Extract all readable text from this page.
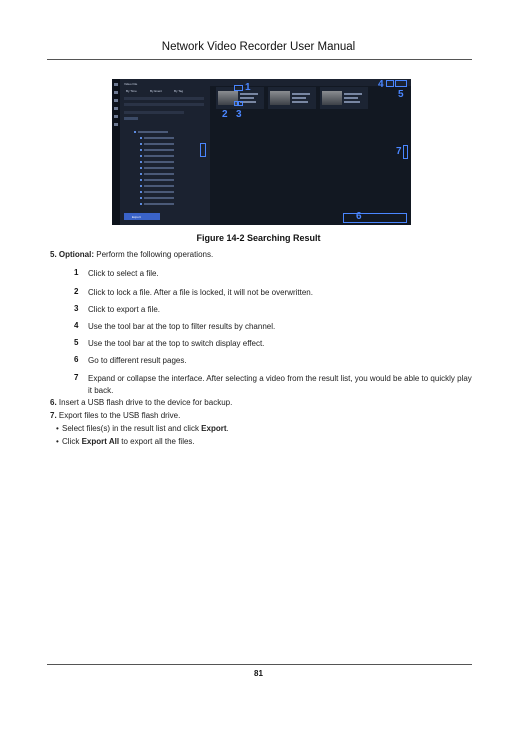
Network Video Recorder User Manual
Video File
By Time	By Event	By Tag
Export
1
2 3
4
5
6
7
Figure 14-2 Searching Result
5. Optional: Perform the following operations.
1	Click to select a file.
2	Click to lock a file. After a file is locked, it will not be overwritten.
3	Click to export a file.
4	Use the tool bar at the top to filter results by channel.
5	Use the tool bar at the top to switch display effect.
6	Go to different result pages.
7	Expand or collapse the interface. After selecting a video from the result list, you would be able to quickly play it back.
6. Insert a USB flash drive to the device for backup.
7. Export files to the USB flash drive.
• Select files(s) in the result list and click Export.
• Click Export All to export all the files.
81
